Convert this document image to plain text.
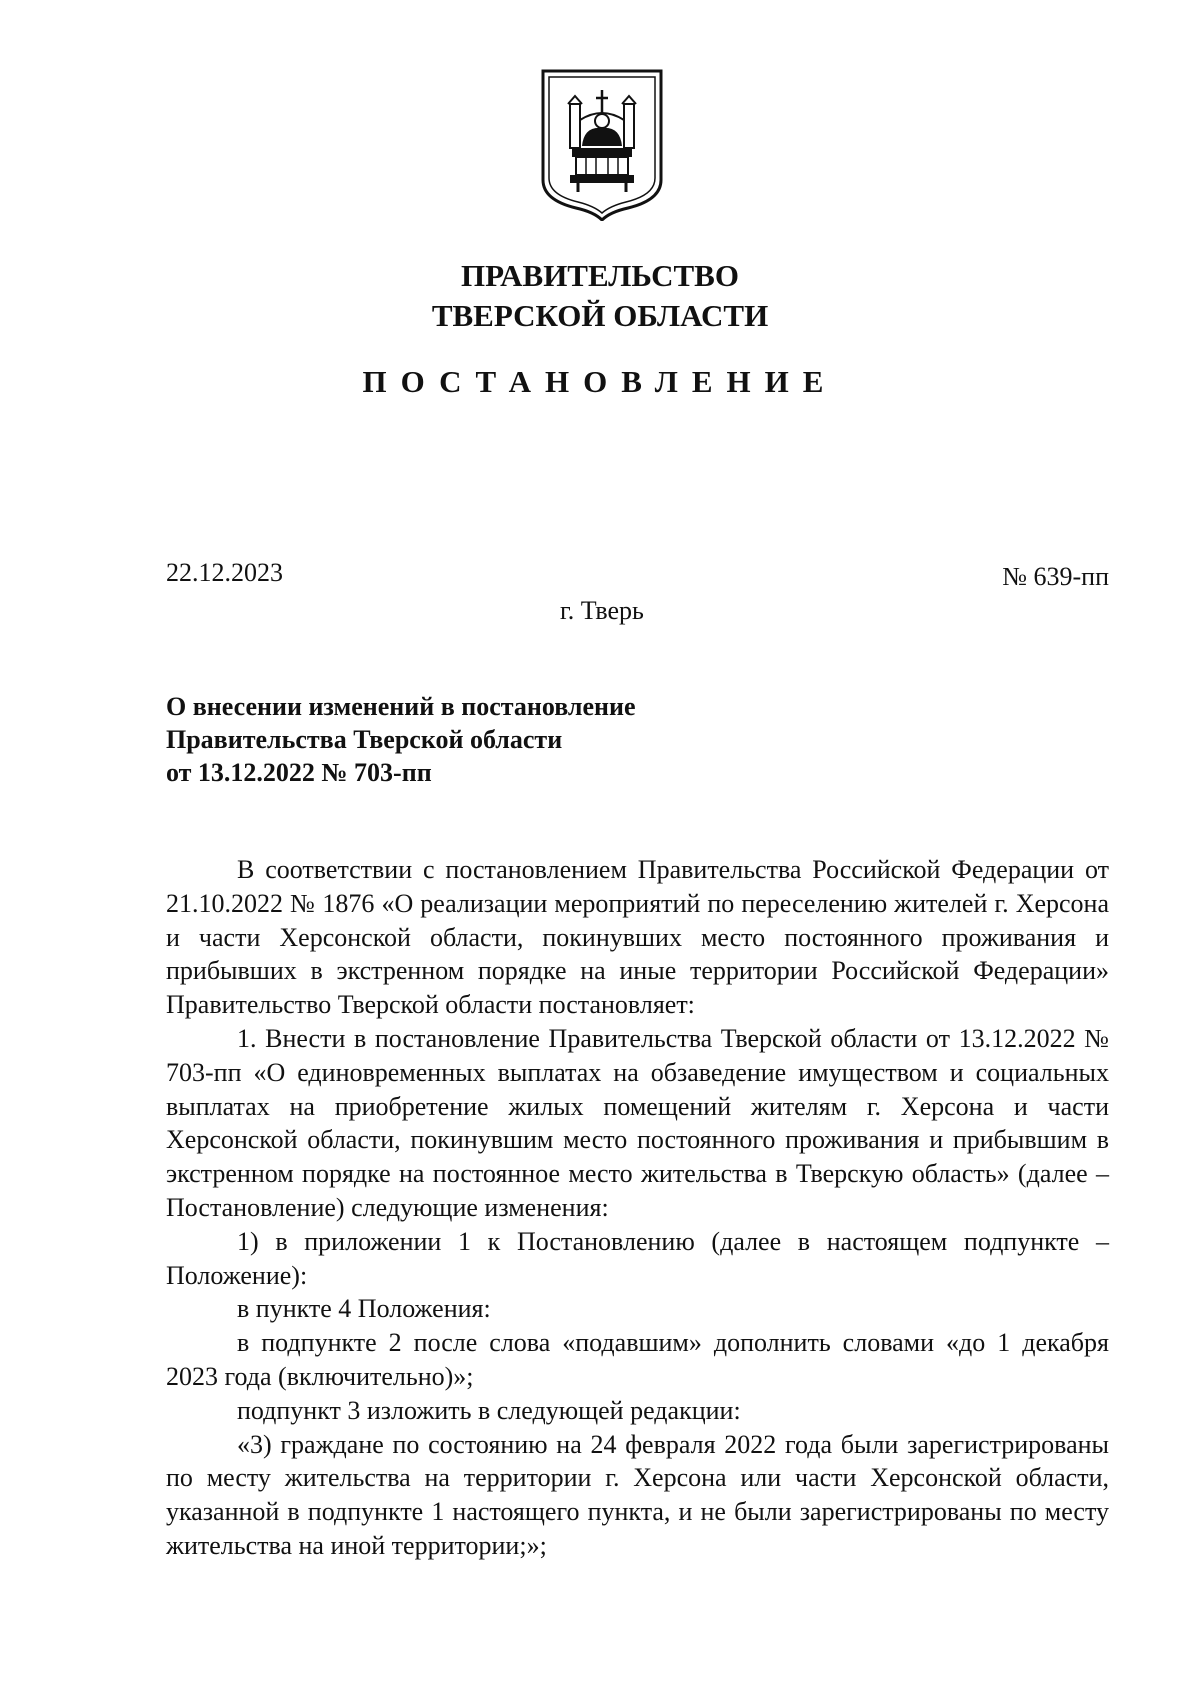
ПРАВИТЕЛЬСТВО
ТВЕРСКОЙ ОБЛАСТИ
ПОСТАНОВЛЕНИЕ
22.12.2023	№ 639-пп
г. Тверь
О внесении изменений в постановление
Правительства Тверской области
от 13.12.2022 № 703-пп

В соответствии с постановлением Правительства Российской Федерации от 21.10.2022 № 1876 «О реализации мероприятий по переселению жителей г. Херсона и части Херсонской области, покинувших место постоянного проживания и прибывших в экстренном порядке на иные территории Российской Федерации» Правительство Тверской области постановляет:

1. Внести в постановление Правительства Тверской области от 13.12.2022 № 703-пп «О единовременных выплатах на обзаведение имуществом и социальных выплатах на приобретение жилых помещений жителям г. Херсона и части Херсонской области, покинувшим место постоянного проживания и прибывшим в экстренном порядке на постоянное место жительства в Тверскую область» (далее – Постановление) следующие изменения:

1) в приложении 1 к Постановлению (далее в настоящем подпункте – Положение):

в пункте 4 Положения:

в подпункте 2 после слова «подавшим» дополнить словами «до 1 декабря 2023 года (включительно)»;

подпункт 3 изложить в следующей редакции:

«3) граждане по состоянию на 24 февраля 2022 года были зарегистрированы по месту жительства на территории г. Херсона или части Херсонской области, указанной в подпункте 1 настоящего пункта, и не были зарегистрированы по месту жительства на иной территории;»;
